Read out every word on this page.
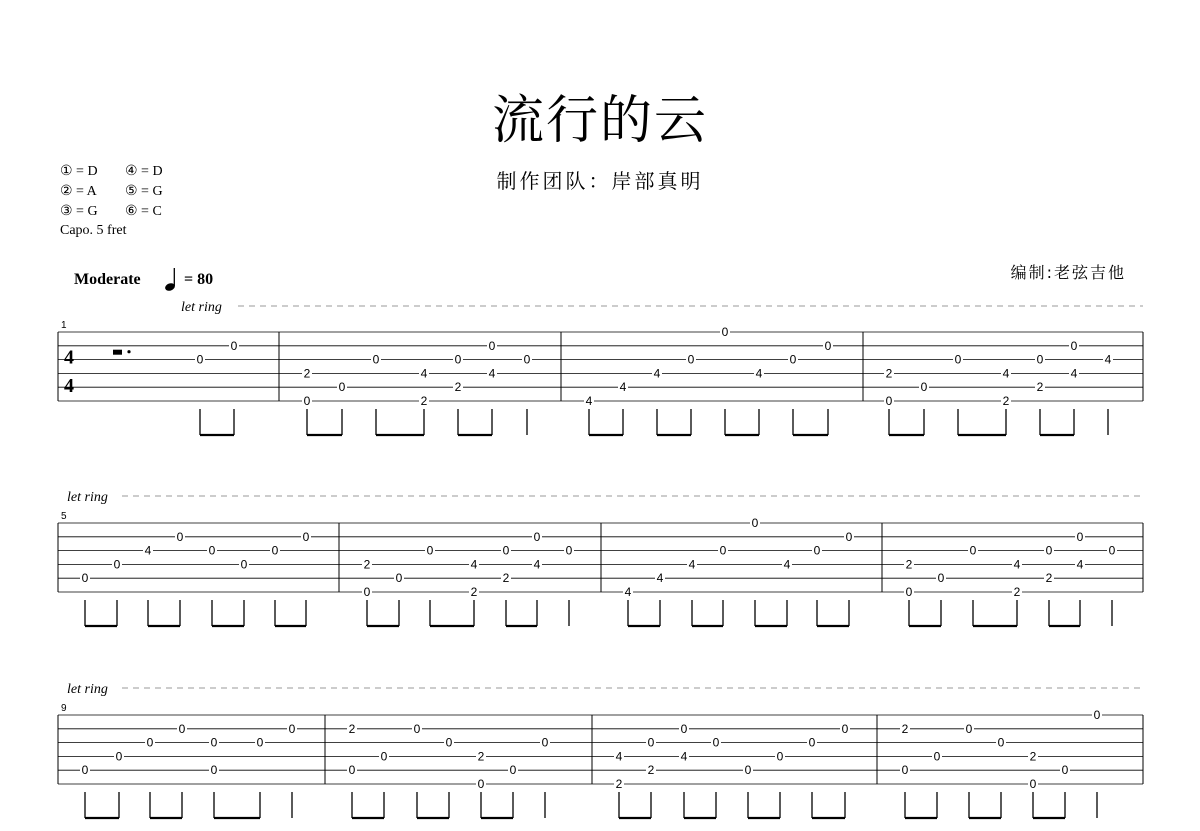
流行的云
制作团队：岸部真明
① = D ④ = D
② = A ⑤ = G
③ = G ⑥ = C
Capo. 5 fret
编制:老弦吉他
Moderate	= 80
let ring
1
4
4
0
0
2
0
0
0
4
2
0
2
0
4
0
4
4
4
0
0
4
0
0
2
0
0
0
4
2
0
2
0
4
4
let ring
5
0
0
4
0
0
0
0
0
2
0
0
0
4
2
0
2
0
4
0
4
4
4
0
0
4
0
0
2
0
0
0
4
2
0
2
0
4
0
let ring
9
0
0
0
0
0
0
0
0	2
0
0
0
0
2
0
0
0
4
2
0
2
0
4
0
0
0
0
0	2
0
0
0
0
2
0
0
0
